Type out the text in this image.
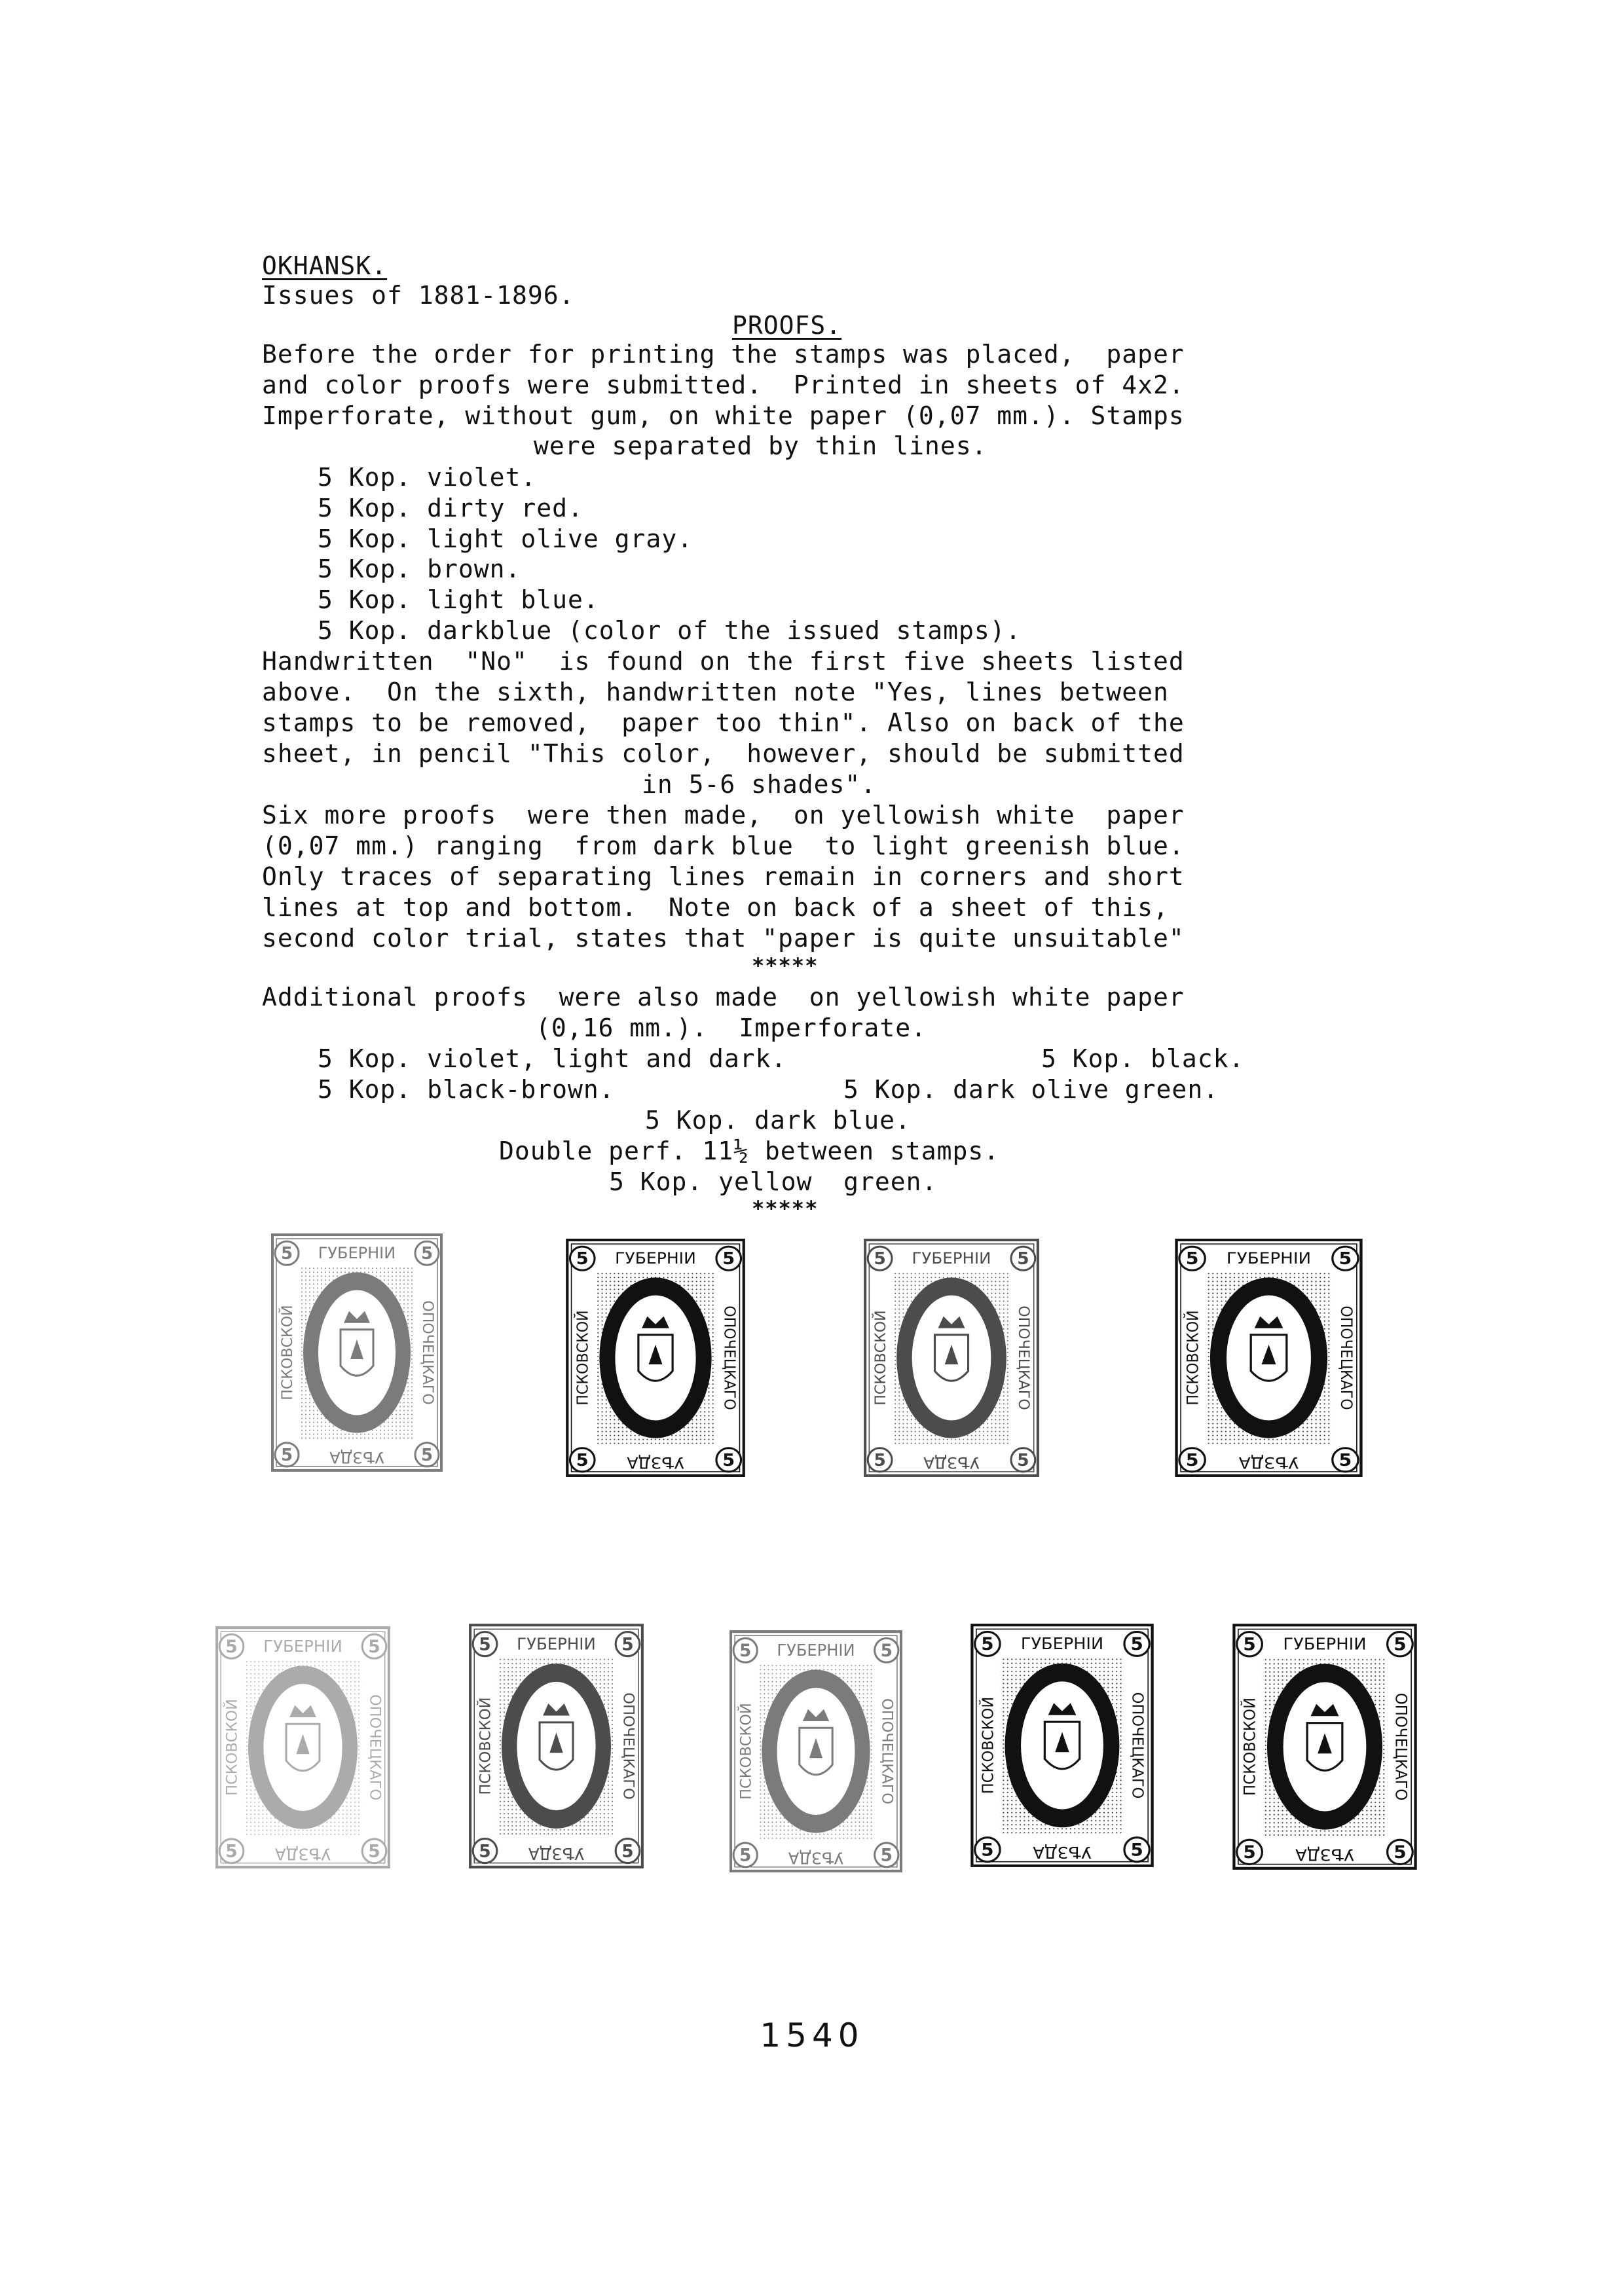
OKHANSK.
Issues of 1881-1896.
PROOFS.
Before the order for printing the stamps was placed,  paper
and color proofs were submitted.  Printed in sheets of 4x2.
Imperforate, without gum, on white paper (0,07 mm.). Stamps
were separated by thin lines.
5 Kop. violet.
5 Kop. dirty red.
5 Kop. light olive gray.
5 Kop. brown.
5 Kop. light blue.
5 Kop. darkblue (color of the issued stamps).
Handwritten  "No"  is found on the first five sheets listed
above.  On the sixth, handwritten note "Yes, lines between
stamps to be removed,  paper too thin". Also on back of the
sheet, in pencil "This color,  however, should be submitted
in 5-6 shades".
Six more proofs  were then made,  on yellowish white  paper
(0,07 mm.) ranging  from dark blue  to light greenish blue.
Only traces of separating lines remain in corners and short
lines at top and bottom.  Note on back of a sheet of this,
second color trial, states that "paper is quite unsuitable"
*****
Additional proofs  were also made  on yellowish white paper
(0,16 mm.).  Imperforate.
5 Kop. violet, light and dark.	5 Kop. black.
5 Kop. black-brown.	5 Kop. dark olive green.
5 Kop. dark blue.
Double perf. 11½ between stamps.
5 Kop. yellow  green.
*****
5	5
5	5
ГУБЕРНIИ
УѢЗДА
ПСКОВСКОЙ	ОПОЧЕЦКАГО
5	5
5	5
ГУБЕРНIИ
УѢЗДА
ПСКОВСКОЙ	ОПОЧЕЦКАГО
5	5
5	5
ГУБЕРНIИ
УѢЗДА
ПСКОВСКОЙ	ОПОЧЕЦКАГО
5	5
5	5
ГУБЕРНIИ
УѢЗДА
ПСКОВСКОЙ	ОПОЧЕЦКАГО
5	5
5	5
ГУБЕРНIИ
УѢЗДА
ПСКОВСКОЙ	ОПОЧЕЦКАГО
5	5
5	5
ГУБЕРНIИ
УѢЗДА
ПСКОВСКОЙ	ОПОЧЕЦКАГО
5	5
5	5
ГУБЕРНIИ
УѢЗДА
ПСКОВСКОЙ	ОПОЧЕЦКАГО
5	5
5	5
ГУБЕРНIИ
УѢЗДА
ПСКОВСКОЙ	ОПОЧЕЦКАГО
5	5
5	5
ГУБЕРНIИ
УѢЗДА
ПСКОВСКОЙ	ОПОЧЕЦКАГО
1540
